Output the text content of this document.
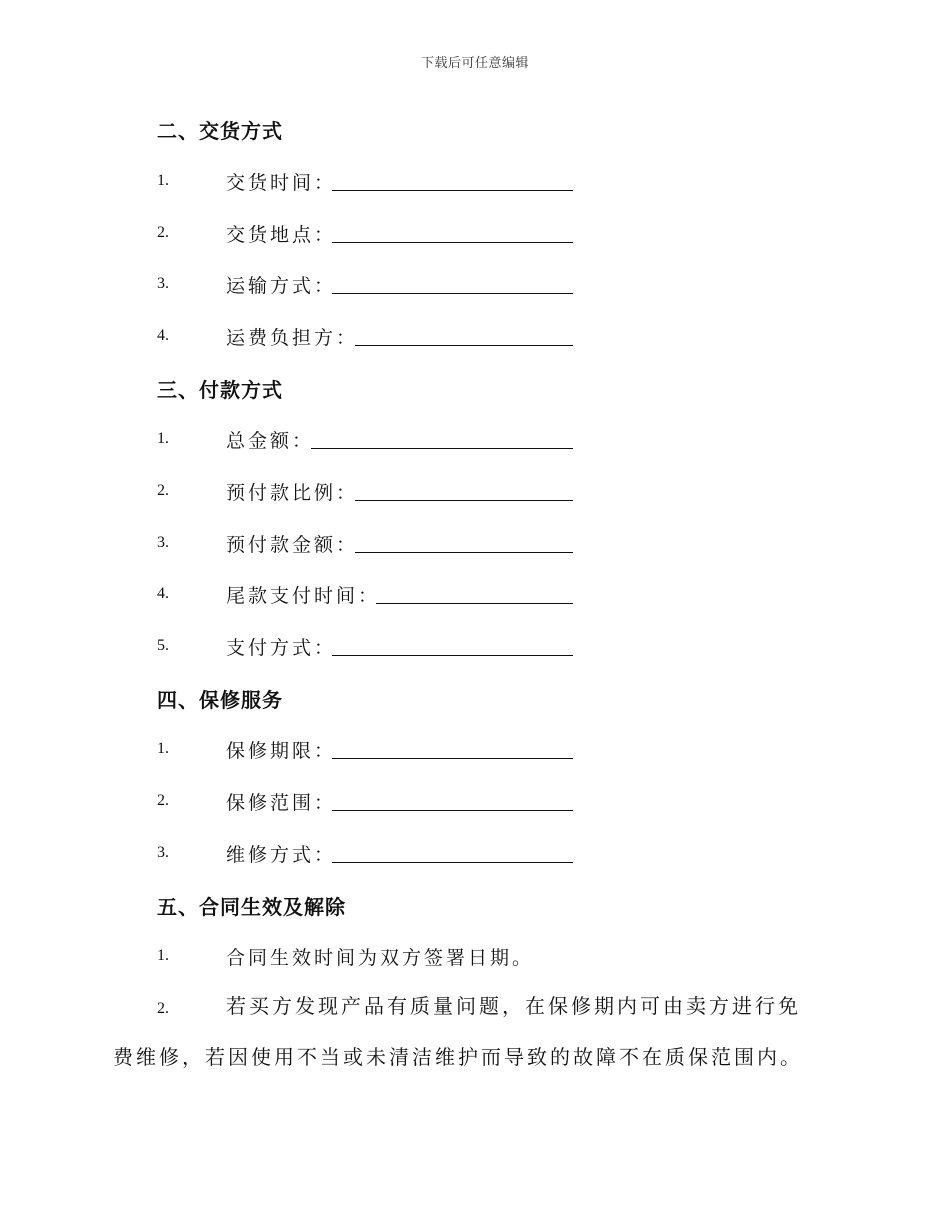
下载后可任意编辑
二、交货方式
1.	交货时间：
2.	交货地点：
3.	运输方式：
4.	运费负担方：
三、付款方式
1.	总金额：
2.	预付款比例：
3.	预付款金额：
4.	尾款支付时间：
5.	支付方式：
四、保修服务
1.	保修期限：
2.	保修范围：
3.	维修方式：
五、合同生效及解除
1.	合同生效时间为双方签署日期。
2.	若买方发现产品有质量问题，在保修期内可由卖方进行免费维修，若因使用不当或未清洁维护而导致的故障不在质保范围内。
